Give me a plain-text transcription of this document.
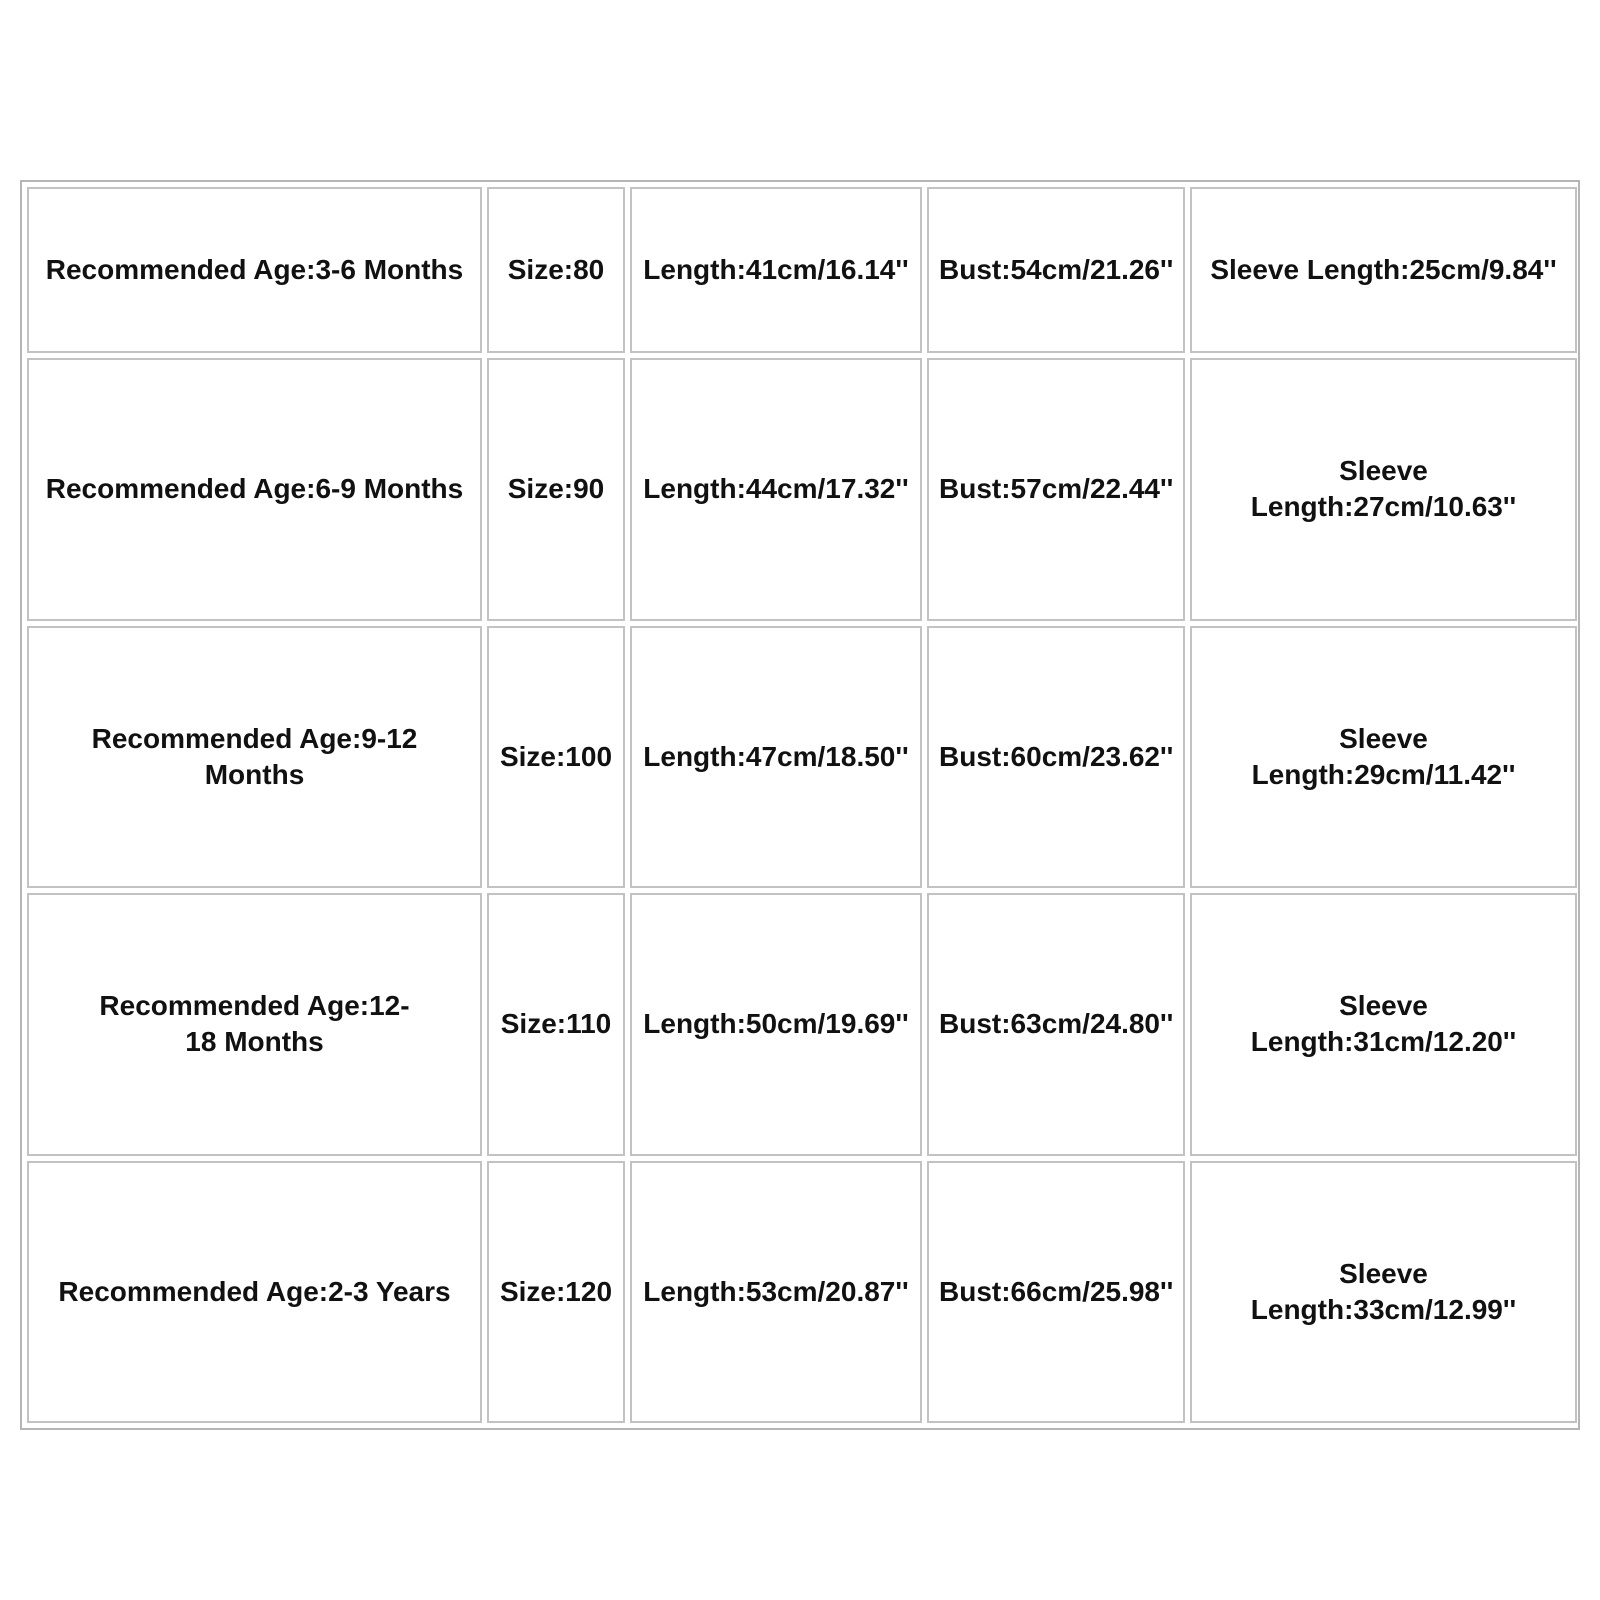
Recommended Age:3-6 Months	Size:80	Length:41cm/16.14''	Bust:54cm/21.26''	Sleeve Length:25cm/9.84''
Recommended Age:6-9 Months	Size:90	Length:44cm/17.32''	Bust:57cm/22.44''	Sleeve Length:27cm/10.63''
Recommended Age:9-12 Months	Size:100	Length:47cm/18.50''	Bust:60cm/23.62''	Sleeve Length:29cm/11.42''
Recommended Age:12-18 Months	Size:110	Length:50cm/19.69''	Bust:63cm/24.80''	Sleeve Length:31cm/12.20''
Recommended Age:2-3 Years	Size:120	Length:53cm/20.87''	Bust:66cm/25.98''	Sleeve Length:33cm/12.99''
